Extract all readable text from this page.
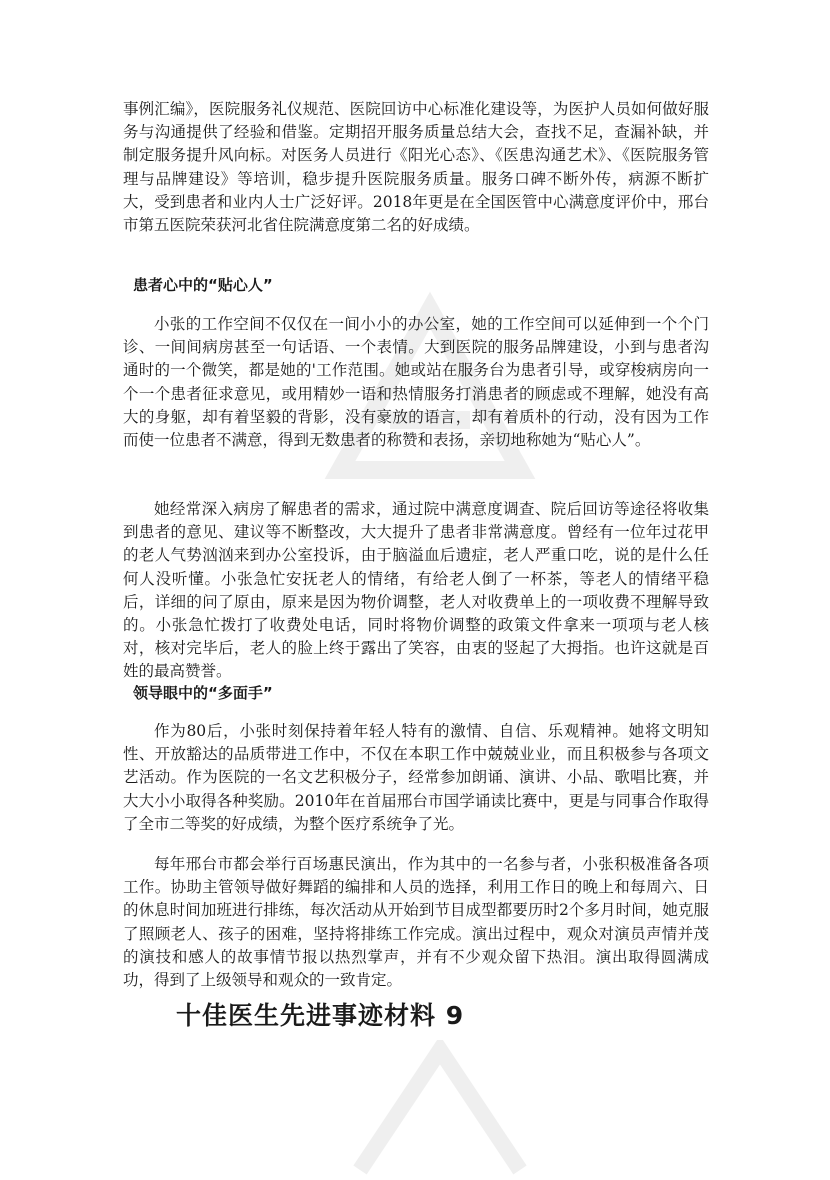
事例汇编》，医院服务礼仪规范、医院回访中心标准化建设等，为医护人员如何做好服务与沟通提供了经验和借鉴。定期招开服务质量总结大会，查找不足，查漏补缺，并制定服务提升风向标。对医务人员进行《阳光心态》、《医患沟通艺术》、《医院服务管理与品牌建设》等培训，稳步提升医院服务质量。服务口碑不断外传，病源不断扩大，受到患者和业内人士广泛好评。2018年更是在全国医管中心满意度评价中，邢台市第五医院荣获河北省住院满意度第二名的好成绩。

患者心中的“贴心人”

小张的工作空间不仅仅在一间小小的办公室，她的工作空间可以延伸到一个个门诊、一间间病房甚至一句话语、一个表情。大到医院的服务品牌建设，小到与患者沟通时的一个微笑，都是她的'工作范围。她或站在服务台为患者引导，或穿梭病房向一个一个患者征求意见，或用精妙一语和热情服务打消患者的顾虑或不理解，她没有高大的身躯，却有着坚毅的背影，没有豪放的语言，却有着质朴的行动，没有因为工作而使一位患者不满意，得到无数患者的称赞和表扬，亲切地称她为“贴心人”。

她经常深入病房了解患者的需求，通过院中满意度调查、院后回访等途径将收集到患者的意见、建议等不断整改，大大提升了患者非常满意度。曾经有一位年过花甲的老人气势汹汹来到办公室投诉，由于脑溢血后遗症，老人严重口吃，说的是什么任何人没听懂。小张急忙安抚老人的情绪，有给老人倒了一杯茶，等老人的情绪平稳后，详细的问了原由，原来是因为物价调整，老人对收费单上的一项收费不理解导致的。小张急忙拨打了收费处电话，同时将物价调整的政策文件拿来一项项与老人核对，核对完毕后，老人的脸上终于露出了笑容，由衷的竖起了大拇指。也许这就是百姓的最高赞誉。

领导眼中的“多面手”

作为80后，小张时刻保持着年轻人特有的激情、自信、乐观精神。她将文明知性、开放豁达的品质带进工作中，不仅在本职工作中兢兢业业，而且积极参与各项文艺活动。作为医院的一名文艺积极分子，经常参加朗诵、演讲、小品、歌唱比赛，并大大小小取得各种奖励。2010年在首届邢台市国学诵读比赛中，更是与同事合作取得了全市二等奖的好成绩，为整个医疗系统争了光。

每年邢台市都会举行百场惠民演出，作为其中的一名参与者，小张积极准备各项工作。协助主管领导做好舞蹈的编排和人员的选择，利用工作日的晚上和每周六、日的休息时间加班进行排练，每次活动从开始到节目成型都要历时2个多月时间，她克服了照顾老人、孩子的困难，坚持将排练工作完成。演出过程中，观众对演员声情并茂的演技和感人的故事情节报以热烈掌声，并有不少观众留下热泪。演出取得圆满成功，得到了上级领导和观众的一致肯定。

十佳医生先进事迹材料 9
